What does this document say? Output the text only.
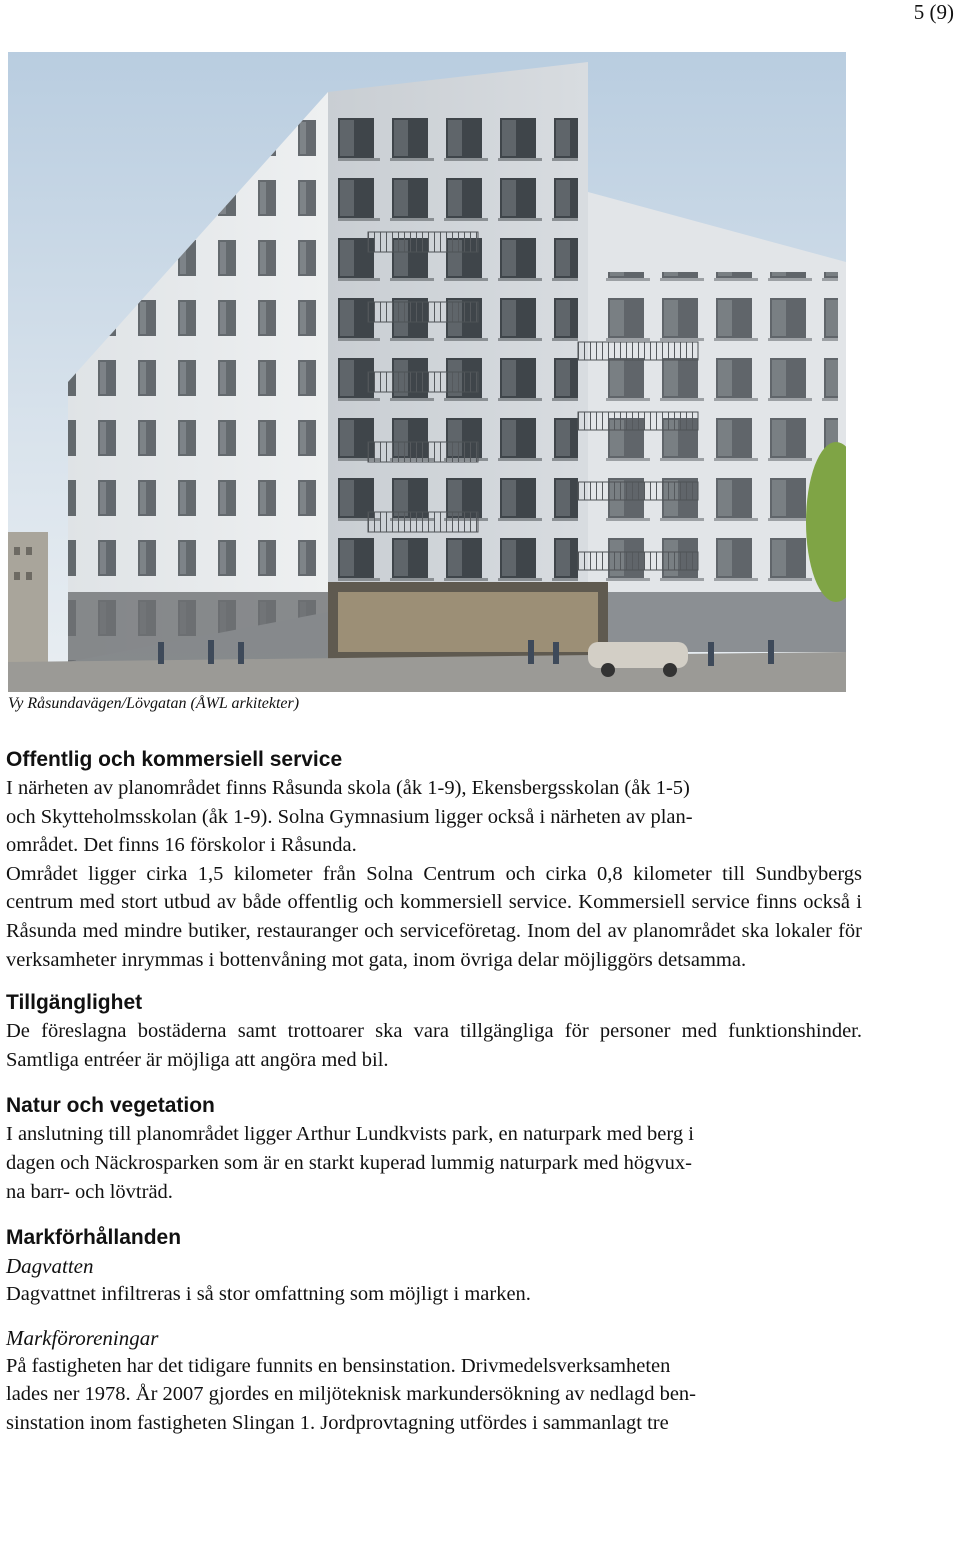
5 (9)
Vy Råsundavägen/Lövgatan (ÅWL arkitekter)
Offentlig och kommersiell service

I närheten av planområdet finns Råsunda skola (åk 1-9), Ekensbergsskolan (åk 1-5)

och Skytteholmsskolan (åk 1-9). Solna Gymnasium ligger också i närheten av plan-

området. Det finns 16 förskolor i Råsunda.

Området ligger cirka 1,5 kilometer från Solna Centrum och cirka 0,8 kilometer till Sundbybergs centrum med stort utbud av både offentlig och kommersiell service. Kommersiell service finns också i Råsunda med mindre butiker, restauranger och serviceföretag. Inom del av planområdet ska lokaler för verksamheter inrymmas i bottenvåning mot gata, inom övriga delar möjliggörs detsamma.

Tillgänglighet

De föreslagna bostäderna samt trottoarer ska vara tillgängliga för personer med funktionshinder. Samtliga entréer är möjliga att angöra med bil.

Natur och vegetation

I anslutning till planområdet ligger Arthur Lundkvists park, en naturpark med berg i

dagen och Näckrosparken som är en starkt kuperad lummig naturpark med högvux-

na barr- och lövträd.

Markförhållanden

Dagvatten

Dagvattnet infiltreras i så stor omfattning som möjligt i marken.

Markföroreningar

På fastigheten har det tidigare funnits en bensinstation. Drivmedelsverksamheten

lades ner 1978. År 2007 gjordes en miljöteknisk markundersökning av nedlagd ben-

sinstation inom fastigheten Slingan 1. Jordprovtagning utfördes i sammanlagt tre
